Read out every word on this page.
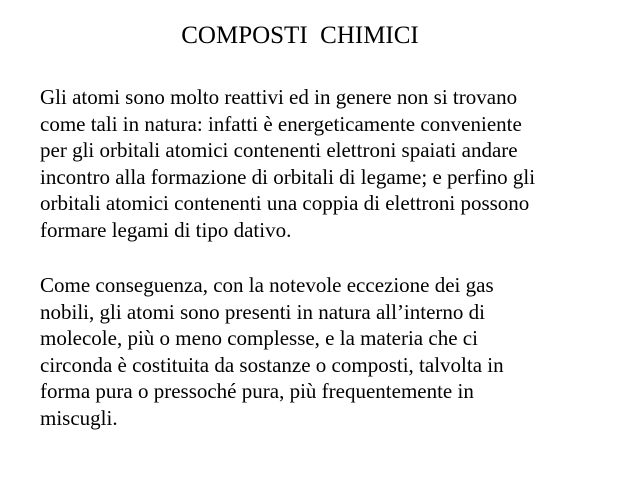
COMPOSTI  CHIMICI

Gli atomi sono molto reattivi ed in genere non si trovano
come tali in natura: infatti è energeticamente conveniente
per gli orbitali atomici contenenti elettroni spaiati andare
incontro alla formazione di orbitali di legame; e perfino gli
orbitali atomici contenenti una coppia di elettroni possono
formare legami di tipo dativo.

Come conseguenza, con la notevole eccezione dei gas
nobili, gli atomi sono presenti in natura all’interno di
molecole, più o meno complesse, e la materia che ci
circonda è costituita da sostanze o composti, talvolta in
forma pura o pressoché pura, più frequentemente in
miscugli.
